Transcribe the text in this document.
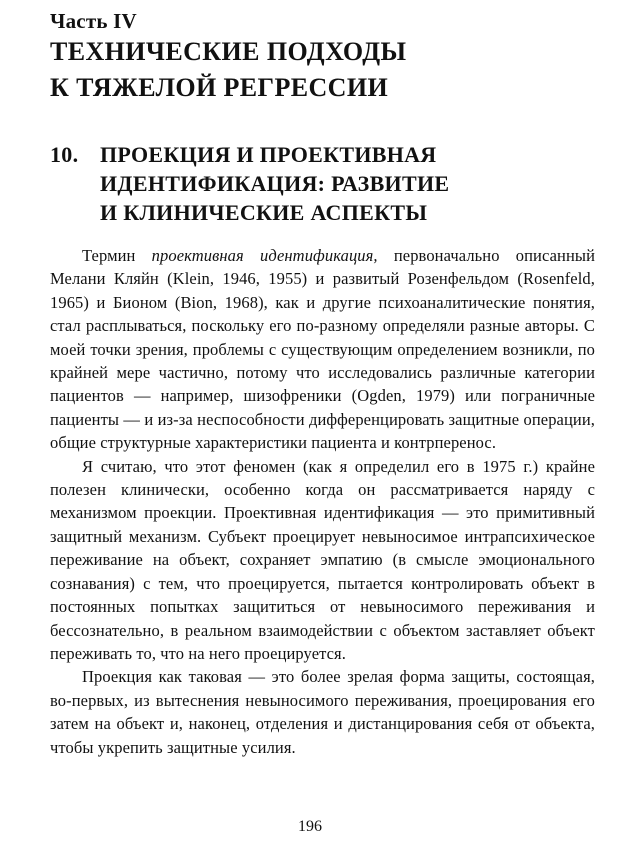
Часть IV
ТЕХНИЧЕСКИЕ ПОДХОДЫ
К ТЯЖЕЛОЙ РЕГРЕССИИ
10. ПРОЕКЦИЯ И ПРОЕКТИВНАЯ
ИДЕНТИФИКАЦИЯ: РАЗВИТИЕ
И КЛИНИЧЕСКИЕ АСПЕКТЫ

Термин проективная идентификация, первоначально описанный Мелани Кляйн (Klein, 1946, 1955) и развитый Розенфельдом (Rosenfeld, 1965) и Бионом (Bion, 1968), как и другие психоаналитические понятия, стал расплываться, поскольку его по-разному определяли разные авторы. С моей точки зрения, проблемы с существующим определением возникли, по крайней мере частично, потому что исследовались различные категории пациентов — например, шизофреники (Ogden, 1979) или пограничные пациенты — и из-за неспособности дифференцировать защитные операции, общие структурные характеристики пациента и контрперенос.

Я считаю, что этот феномен (как я определил его в 1975 г.) крайне полезен клинически, особенно когда он рассматривается наряду с механизмом проекции. Проективная идентификация — это примитивный защитный механизм. Субъект проецирует невыносимое интрапсихическое переживание на объект, сохраняет эмпатию (в смысле эмоционального сознавания) с тем, что проецируется, пытается контролировать объект в постоянных попытках защититься от невыносимого переживания и бессознательно, в реальном взаимодействии с объектом заставляет объект переживать то, что на него проецируется.

Проекция как таковая — это более зрелая форма защиты, состоящая, во-первых, из вытеснения невыносимого переживания, проецирования его затем на объект и, наконец, отделения и дистанцирования себя от объекта, чтобы укрепить защитные усилия.

196
